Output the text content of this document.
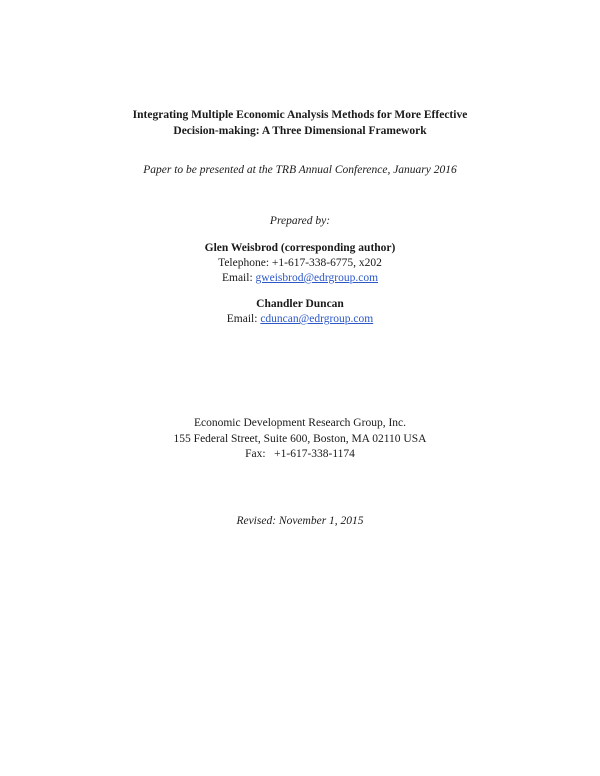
Integrating Multiple Economic Analysis Methods for More Effective
Decision-making: A Three Dimensional Framework
Paper to be presented at the TRB Annual Conference, January 2016
Prepared by:
Glen Weisbrod (corresponding author)
Telephone: +1-617-338-6775, x202
Email: gweisbrod@edrgroup.com
Chandler Duncan
Email: cduncan@edrgroup.com
Economic Development Research Group, Inc.
155 Federal Street, Suite 600, Boston, MA 02110 USA
Fax:   +1-617-338-1174
Revised: November 1, 2015
